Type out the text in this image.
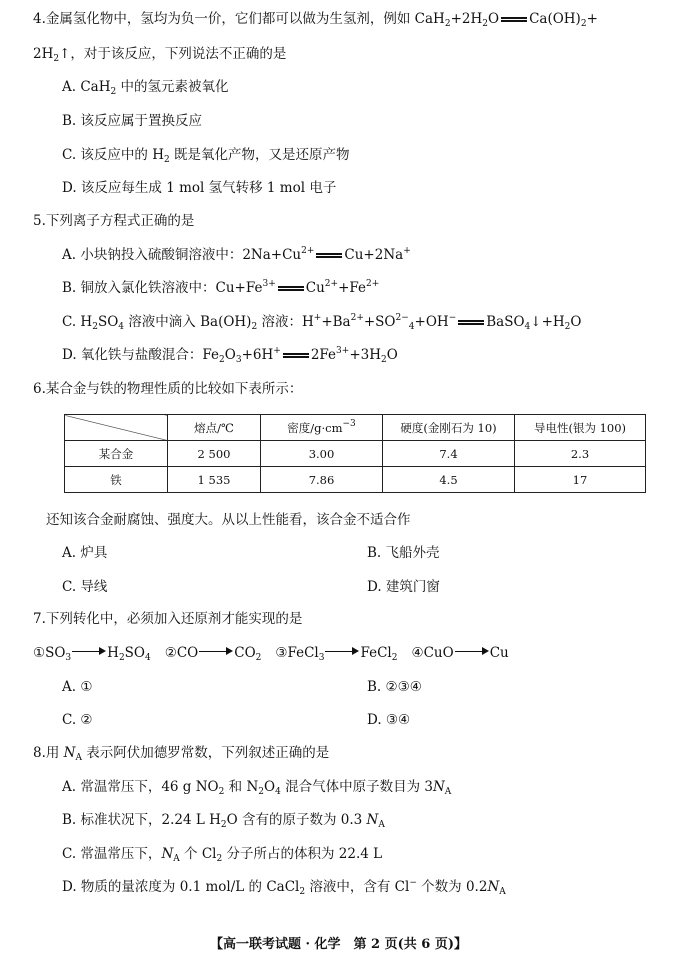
4.金属氢化物中，氢均为负一价，它们都可以做为生氢剂，例如 $CaH_2+2H_2O$ $Ca(OH)_2+$
$2H_2↑$，对于该反应，下列说法不正确的是
A. CaH$_2$ 中的氢元素被氧化
B. 该反应属于置换反应
C. 该反应中的 $H_2$ 既是氧化产物，又是还原产物
D. 该反应每生成 1 mol 氢气转移 1 mol 电子
5.下列离子方程式正确的是
A. 小块钠投入硫酸铜溶液中：$2Na+Cu^{2+}$ Cu+2Na+
B. 铜放入氯化铁溶液中：$Cu+Fe^{3+}$ $Cu^{2+}+Fe^{2+}$
C. $H_2SO_4$ 溶液中滴入 $Ba(OH)_2$ 溶液：$H^++Ba^{2+}+SO^{2-}_4+OH^-$ $BaSO_4↓+H_2O$
D. 氧化铁与盐酸混合：$Fe_2O_3+6H^+$ $2Fe^{3+}+3H_2O$
6.某合金与铁的物理性质的比较如下表所示：
	熔点/℃	密度$/g\cdot cm^{-3}$	硬度(金刚石为 10)	导电性(银为 100)
某合金	2 500	3.00	7.4	2.3
铁	1 535	7.86	4.5	17
还知该合金耐腐蚀、强度大。从以上性能看，该合金不适合作
A. 炉具	B. 飞船外壳
C. 导线	D. 建筑门窗
7.下列转化中，必须加入还原剂才能实现的是
$①SO_3$	$H_2SO_4$ ②CO	$CO_2$ ③FeCl$_3$	FeCl$_2$ ④CuO	Cu
A. ①	B. ②③④
C. ②	D. ③④
8.用 $N_A$ 表示阿伏加德罗常数，下列叙述正确的是
A. 常温常压下，46 g $NO_2$ 和 $N_2O_4$ 混合气体中原子数目为 $3N_A$
B. 标准状况下，2.24 L $H_2O$ 含有的原子数为 0.3 $N_A$
C. 常温常压下，$N_A$ 个 $Cl_2$ 分子所占的体积为 22.4 L
D. 物质的量浓度为 0.1 mol/L 的 CaCl$_2$ 溶液中，含有 Cl− 个数为 $0.2N_A$
【高一联考试题 · 化学　第 2 页(共 6 页)】
